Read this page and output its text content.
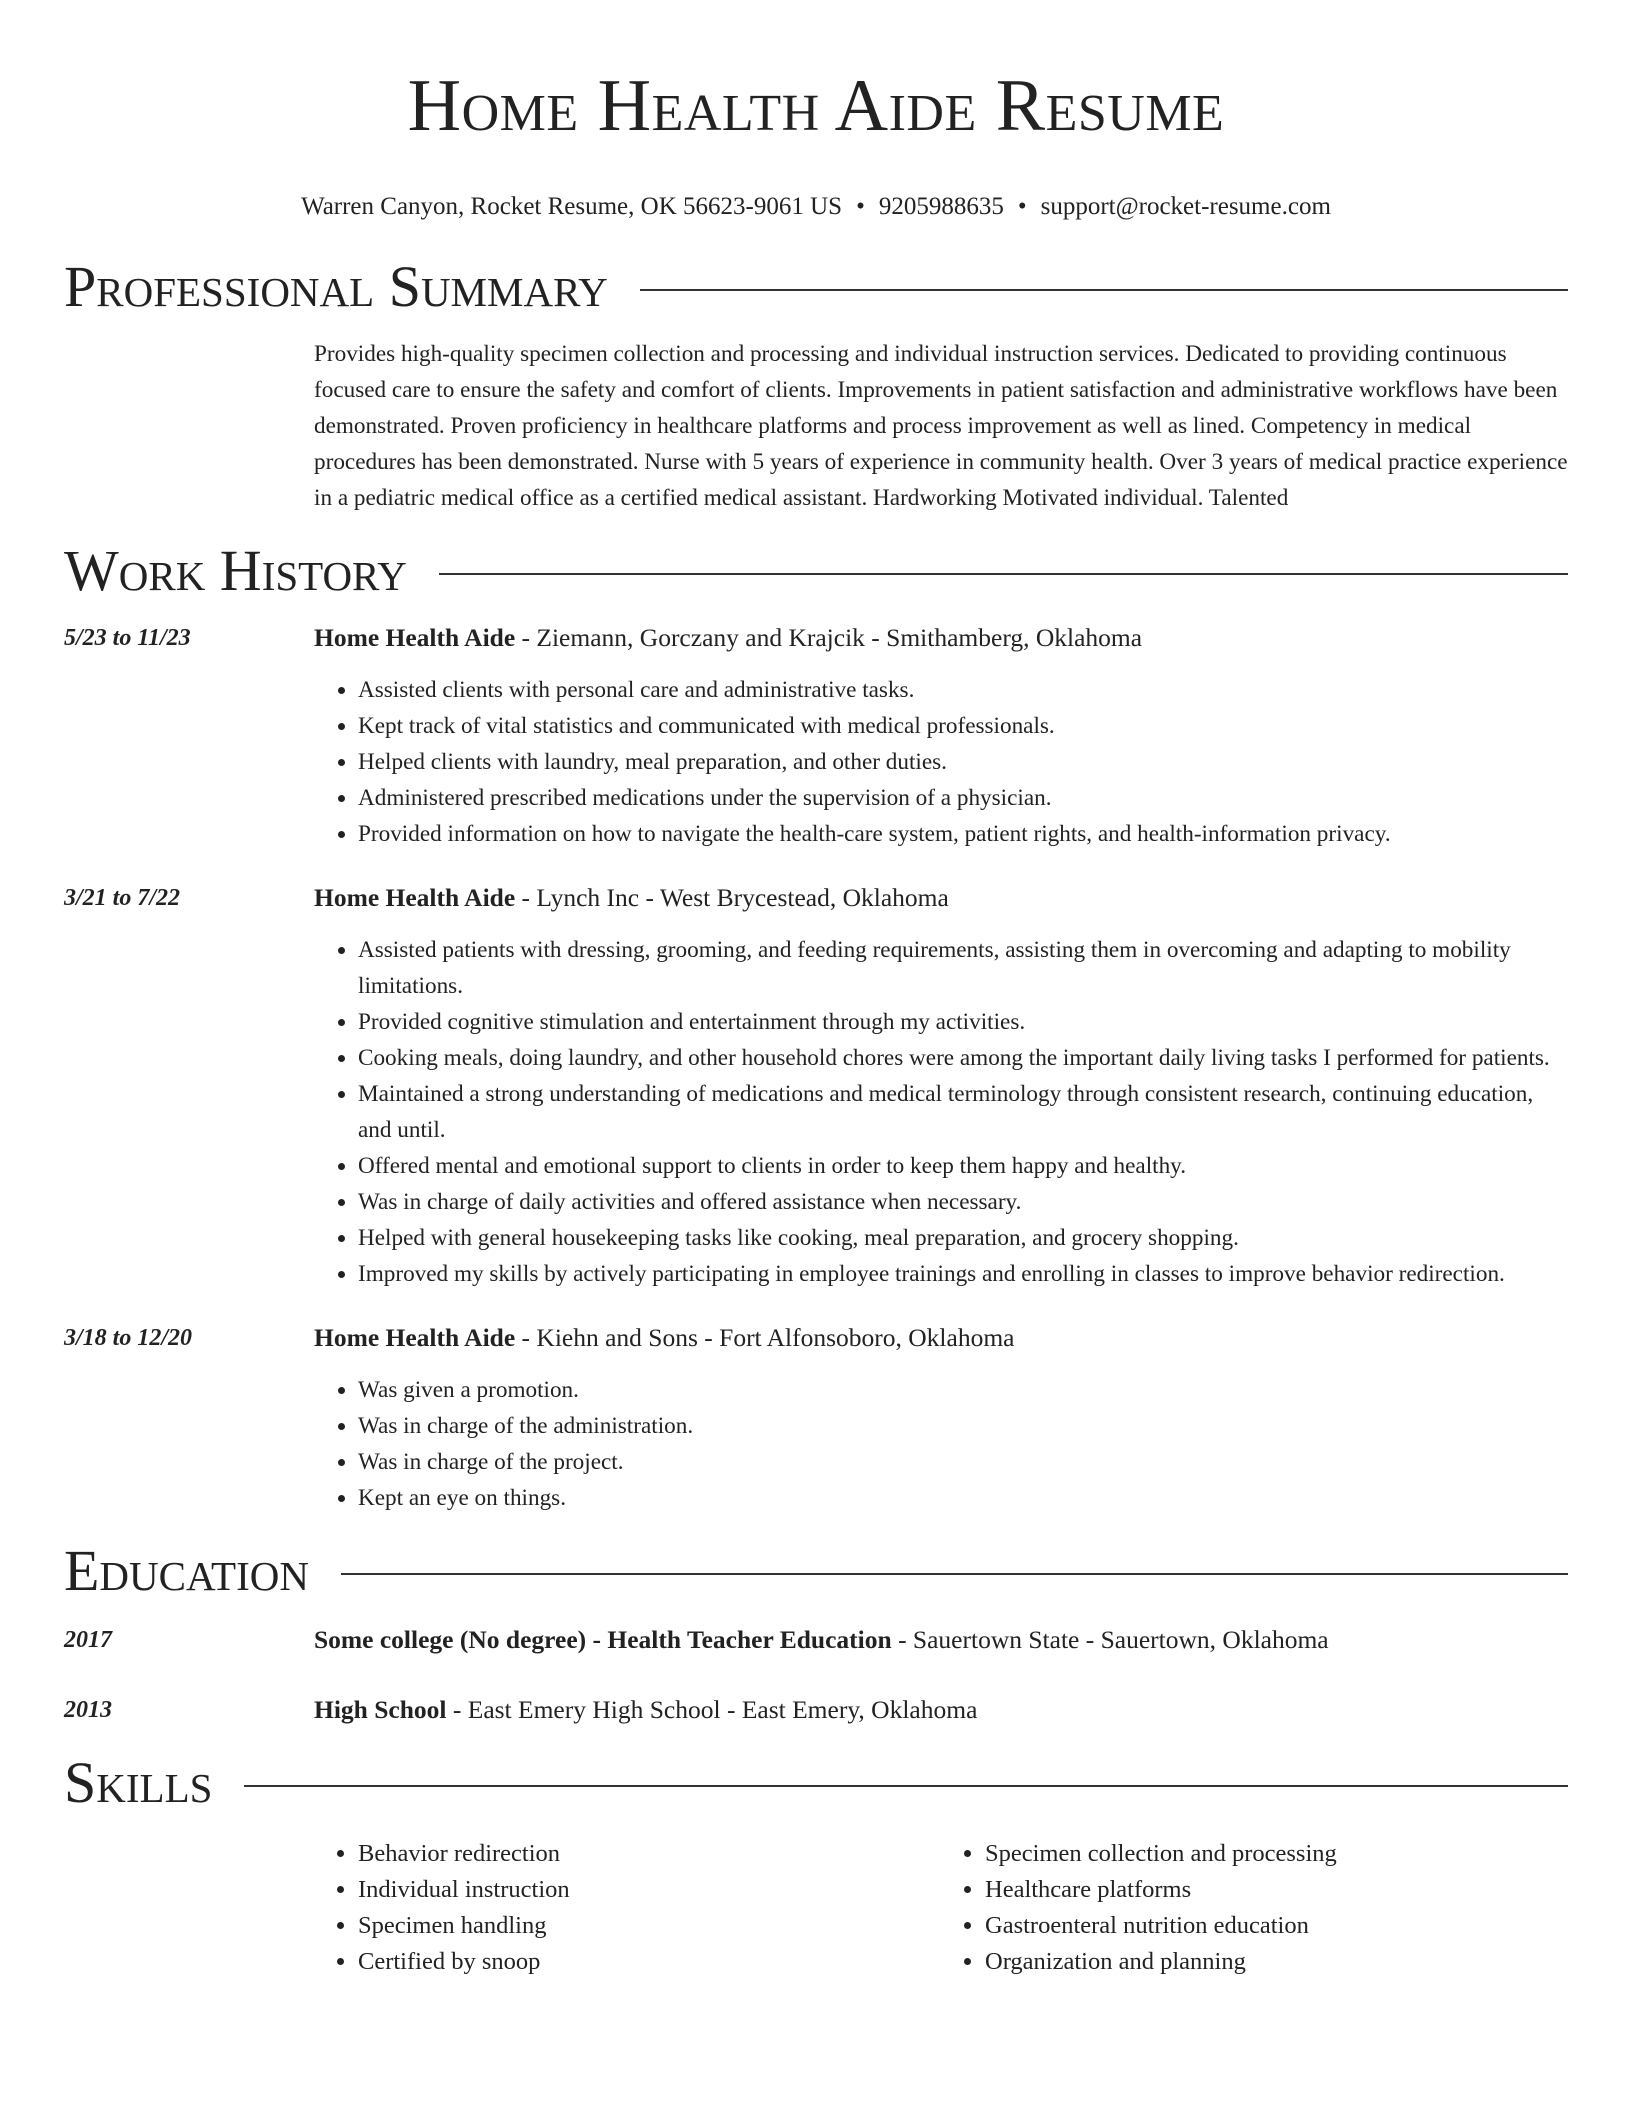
Home Health Aide Resume
Warren Canyon, Rocket Resume, OK 56623-9061 US • 9205988635 • support@rocket-resume.com
Professional Summary
Provides high-quality specimen collection and processing and individual instruction services. Dedicated to providing continuous focused care to ensure the safety and comfort of clients. Improvements in patient satisfaction and administrative workflows have been demonstrated. Proven proficiency in healthcare platforms and process improvement as well as lined. Competency in medical procedures has been demonstrated. Nurse with 5 years of experience in community health. Over 3 years of medical practice experience in a pediatric medical office as a certified medical assistant. Hardworking Motivated individual. Talented
Work History
5/23 to 11/23	Home Health Aide - Ziemann, Gorczany and Krajcik - Smithamberg, Oklahoma
• Assisted clients with personal care and administrative tasks.
• Kept track of vital statistics and communicated with medical professionals.
• Helped clients with laundry, meal preparation, and other duties.
• Administered prescribed medications under the supervision of a physician.
• Provided information on how to navigate the health-care system, patient rights, and health-information privacy.
3/21 to 7/22	Home Health Aide - Lynch Inc - West Brycestead, Oklahoma
• Assisted patients with dressing, grooming, and feeding requirements, assisting them in overcoming and adapting to mobility limitations.
• Provided cognitive stimulation and entertainment through my activities.
• Cooking meals, doing laundry, and other household chores were among the important daily living tasks I performed for patients.
• Maintained a strong understanding of medications and medical terminology through consistent research, continuing education, and until.
• Offered mental and emotional support to clients in order to keep them happy and healthy.
• Was in charge of daily activities and offered assistance when necessary.
• Helped with general housekeeping tasks like cooking, meal preparation, and grocery shopping.
• Improved my skills by actively participating in employee trainings and enrolling in classes to improve behavior redirection.
3/18 to 12/20	Home Health Aide - Kiehn and Sons - Fort Alfonsoboro, Oklahoma
• Was given a promotion.
• Was in charge of the administration.
• Was in charge of the project.
• Kept an eye on things.
Education
2017	Some college (No degree) - Health Teacher Education - Sauertown State - Sauertown, Oklahoma
2013	High School - East Emery High School - East Emery, Oklahoma
Skills
• Behavior redirection
• Individual instruction
• Specimen handling
• Certified by snoop
• Specimen collection and processing
• Healthcare platforms
• Gastroenteral nutrition education
• Organization and planning
